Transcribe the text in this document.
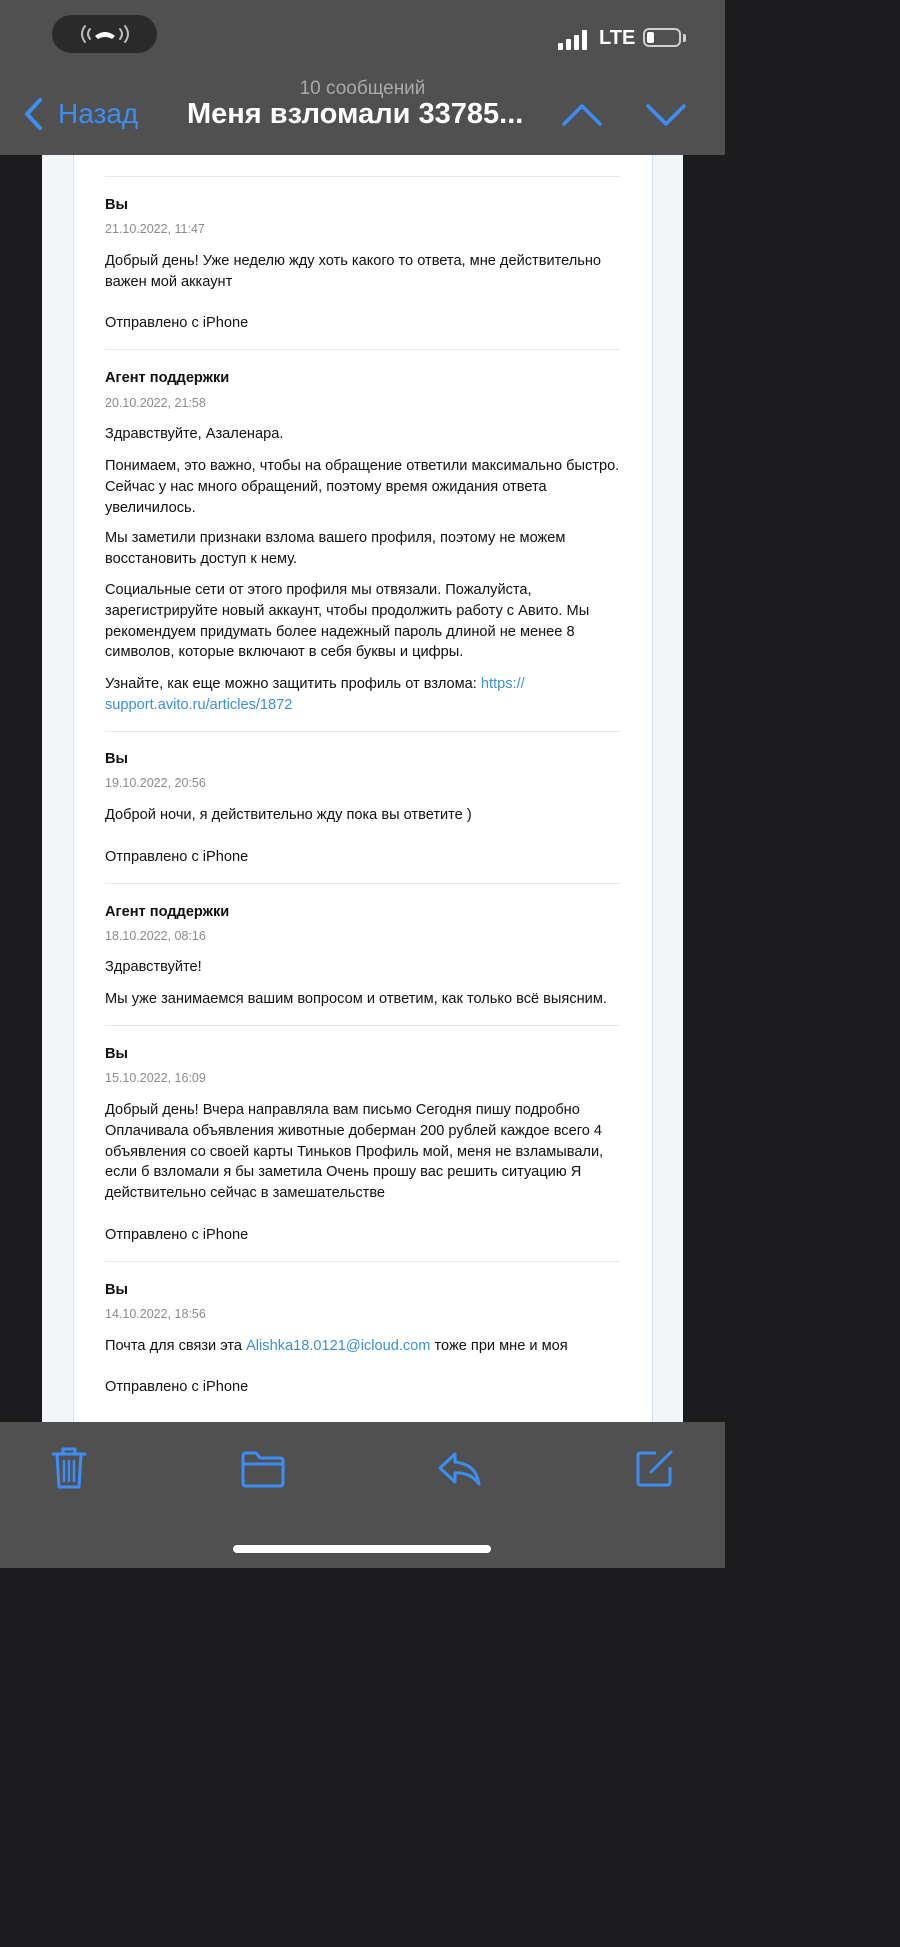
Вы
21.10.2022, 11:47
Добрый день! Уже неделю жду хоть какого то ответа, мне действительно важен мой аккаунт
Отправлено с iPhone
Агент поддержки
20.10.2022, 21:58
Здравствуйте, Азаленара.
Понимаем, это важно, чтобы на обращение ответили максимально быстро. Сейчас у нас много обращений, поэтому время ожидания ответа увеличилось.
Мы заметили признаки взлома вашего профиля, поэтому не можем восстановить доступ к нему.
Социальные сети от этого профиля мы отвязали. Пожалуйста, зарегистрируйте новый аккаунт, чтобы продолжить работу с Авито. Мы рекомендуем придумать более надежный пароль длиной не менее 8 символов, которые включают в себя буквы и цифры.
Узнайте, как еще можно защитить профиль от взлома: https://
support.avito.ru/articles/1872
Вы
19.10.2022, 20:56
Доброй ночи, я действительно жду пока вы ответите )
Отправлено с iPhone
Агент поддержки
18.10.2022, 08:16
Здравствуйте!
Мы уже занимаемся вашим вопросом и ответим, как только всё выясним.
Вы
15.10.2022, 16:09
Добрый день! Вчера направляла вам письмо Сегодня пишу подробно Оплачивала объявления животные доберман 200 рублей каждое всего 4 объявления со своей карты Тиньков Профиль мой, меня не взламывали, если б взломали я бы заметила Очень прошу вас решить ситуацию Я действительно сейчас в замешательстве
Отправлено с iPhone
Вы
14.10.2022, 18:56
Почта для связи эта Alishka18.0121@icloud.com тоже при мне и моя
Отправлено с iPhone
LTE
10 сообщений
Назад Меня взломали 33785...
